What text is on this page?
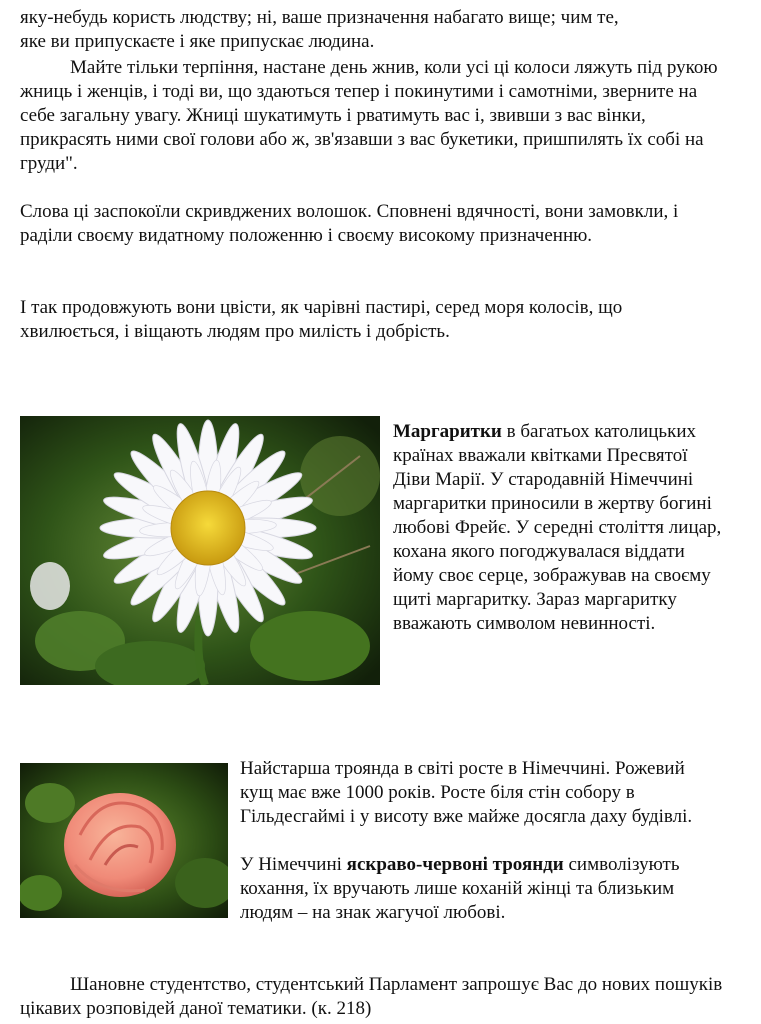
яку-небудь користь людству; ні, ваше призначення набагато вище; чим те,

яке ви припускаєте і яке припускає людина.

Майте тільки терпіння, настане день жнив, коли усі ці колоси ляжуть під рукою жниць і женців, і тоді ви, що здаються тепер і покинутими і самотніми, зверните на себе загальну увагу. Жниці шукатимуть і рватимуть вас і, звивши з вас вінки, прикрасять ними свої голови або ж, зв'язавши з вас букетики, пришпилять їх собі на груди".

Слова ці заспокоїли скривджених волошок. Сповнені вдячності, вони замовкли, і раділи своєму видатному положенню і своєму високому призначенню.

І так продовжують вони цвісти, як чарівні пастирі, серед моря колосів, що хвилюється, і віщають людям про милість і добрість.

Маргаритки в багатьох католицьких країнах вважали квітками Пресвятої Діви Марії. У стародавній Німеччині маргаритки приносили в жертву богині любові Фрейє. У середні століття лицар, кохана якого погоджувалася віддати йому своє серце, зображував на своєму щиті маргаритку. Зараз маргаритку вважають символом невинності.

Найстарша троянда в світі росте в Німеччині. Рожевий кущ має вже 1000 років. Росте біля стін собору в Гільдесгаймі і у висоту вже майже досягла даху будівлі.

У Німеччині яскраво-червоні троянди символізують кохання, їх вручають лише коханій жінці та близьким людям – на знак жагучої любові.

Шановне студентство, студентський Парламент запрошує Вас до нових пошуків цікавих розповідей даної тематики. (к. 218)
